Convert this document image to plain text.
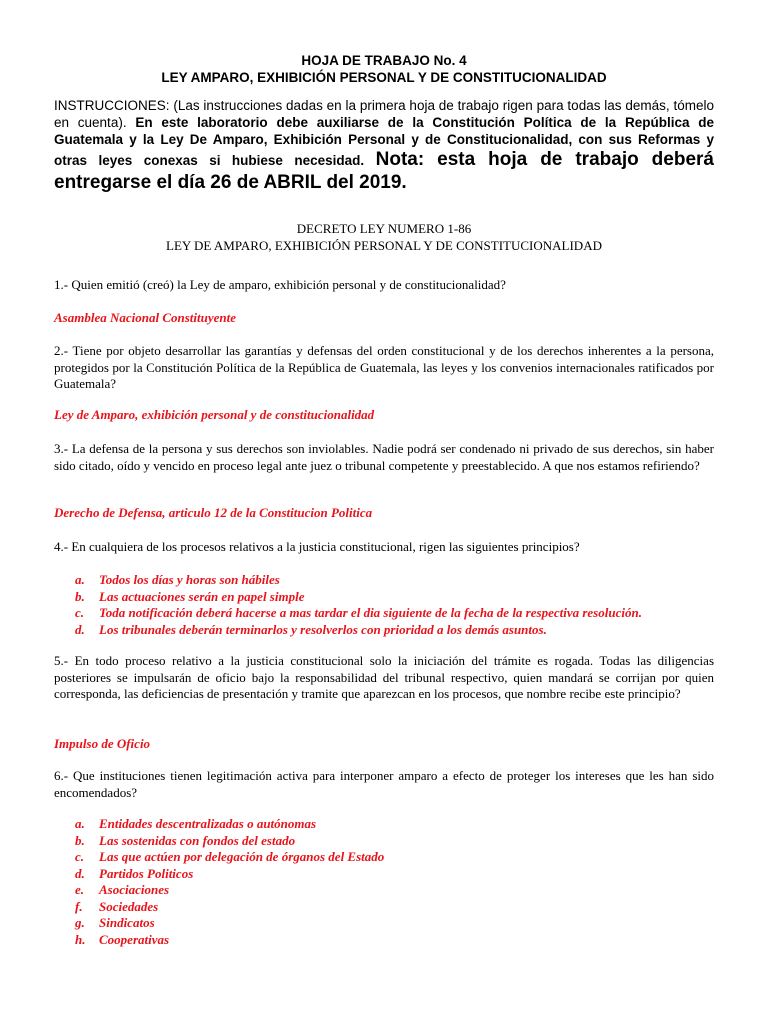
HOJA DE TRABAJO No. 4
LEY AMPARO, EXHIBICIÓN PERSONAL Y DE CONSTITUCIONALIDAD
INSTRUCCIONES: (Las instrucciones dadas en la primera hoja de trabajo rigen para todas las demás, tómelo en cuenta). En este laboratorio debe auxiliarse de la Constitución Política de la República de Guatemala y la Ley De Amparo, Exhibición Personal y de Constitucionalidad, con sus Reformas y otras leyes conexas si hubiese necesidad. Nota: esta hoja de trabajo deberá entregarse el día 26 de ABRIL del 2019.
DECRETO LEY NUMERO 1-86
LEY DE AMPARO, EXHIBICIÓN PERSONAL Y DE CONSTITUCIONALIDAD
1.- Quien emitió (creó) la Ley de amparo, exhibición personal y de constitucionalidad?
Asamblea Nacional Constituyente
2.- Tiene por objeto desarrollar las garantías y defensas del orden constitucional y de los derechos inherentes a la persona, protegidos por la Constitución Política de la República de Guatemala, las leyes y los convenios internacionales ratificados por Guatemala?
Ley de Amparo, exhibición personal y de constitucionalidad
3.- La defensa de la persona y sus derechos son inviolables. Nadie podrá ser condenado ni privado de sus derechos, sin haber sido citado, oído y vencido en proceso legal ante juez o tribunal competente y preestablecido. A que nos estamos refiriendo?
Derecho de Defensa, articulo 12 de la Constitucion Politica
4.- En cualquiera de los procesos relativos a la justicia constitucional, rigen las siguientes principios?
a. Todos los días y horas son hábiles
b. Las actuaciones serán en papel simple
c. Toda notificación deberá hacerse a mas tardar el dia siguiente de la fecha de la respectiva resolución.
d. Los tribunales deberán terminarlos y resolverlos con prioridad a los demás asuntos.
5.- En todo proceso relativo a la justicia constitucional solo la iniciación del trámite es rogada. Todas las diligencias posteriores se impulsarán de oficio bajo la responsabilidad del tribunal respectivo, quien mandará se corrijan por quien corresponda, las deficiencias de presentación y tramite que aparezcan en los procesos, que nombre recibe este principio?
Impulso de Oficio
6.- Que instituciones tienen legitimación activa para interponer amparo a efecto de proteger los intereses que les han sido encomendados?
a. Entidades descentralizadas o autónomas
b. Las sostenidas con fondos del estado
c. Las que actúen por delegación de órganos del Estado
d. Partidos Politicos
e. Asociaciones
f. Sociedades
g. Sindicatos
h. Cooperativas
